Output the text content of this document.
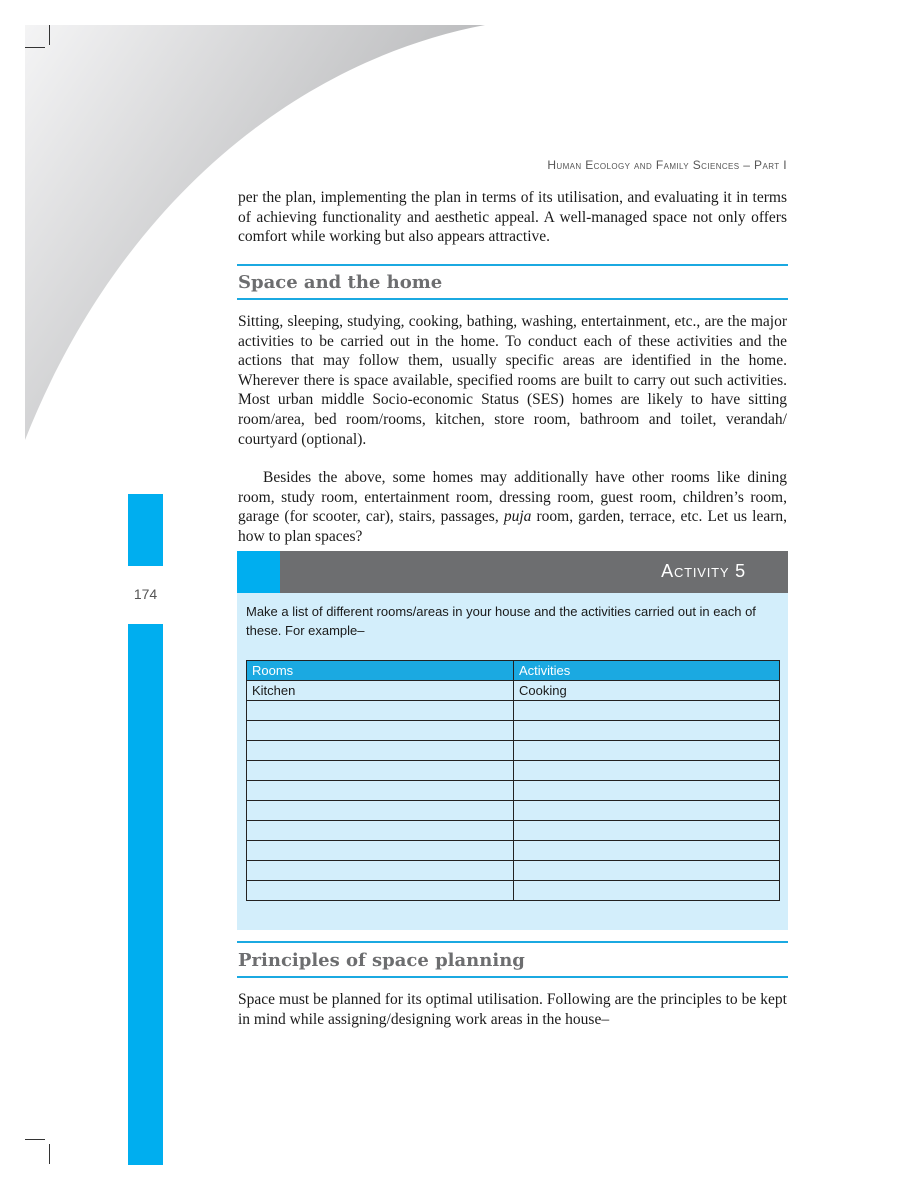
Human Ecology and Family Sciences – Part I

per the plan, implementing the plan in terms of its utilisation, and evaluating it in terms of achieving functionality and aesthetic appeal. A well-managed space not only offers comfort while working but also appears attractive.

Space and the home

Sitting, sleeping, studying, cooking, bathing, washing, entertainment, etc., are the major activities to be carried out in the home. To conduct each of these activities and the actions that may follow them, usually specific areas are identified in the home. Wherever there is space available, specified rooms are built to carry out such activities. Most urban middle Socio-economic Status (SES) homes are likely to have sitting room/area, bed room/rooms, kitchen, store room, bathroom and toilet, verandah/ courtyard (optional).

Besides the above, some homes may additionally have other rooms like dining room, study room, entertainment room, dressing room, guest room, children’s room, garage (for scooter, car), stairs, passages, puja room, garden, terrace, etc. Let us learn, how to plan spaces?

174
Activity 5
Make a list of different rooms/areas in your house and the activities carried out in each of these. For example–
Rooms	Activities
Kitchen	Cooking

Principles of space planning

Space must be planned for its optimal utilisation. Following are the principles to be kept in mind while assigning/designing work areas in the house–
